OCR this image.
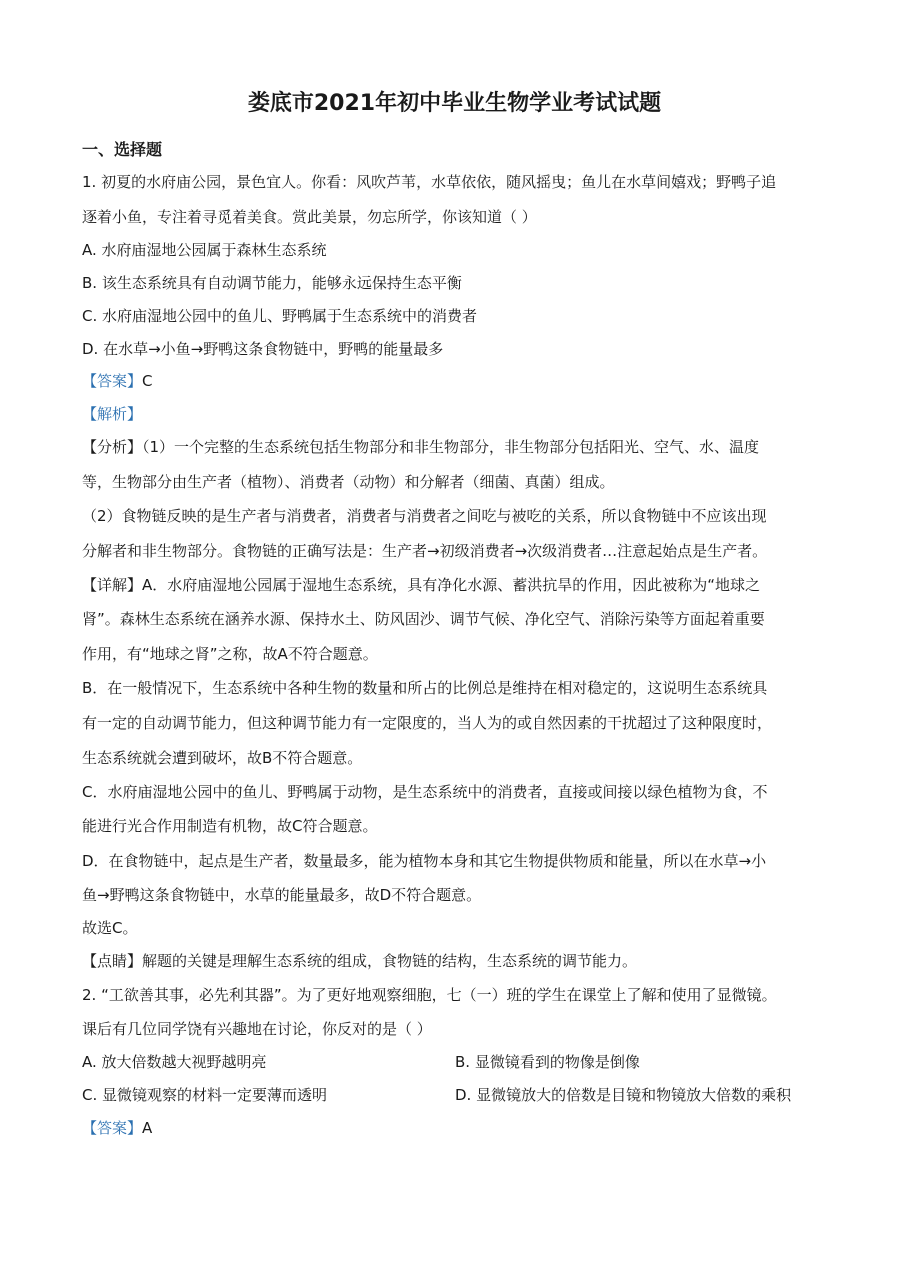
娄底市2021年初中毕业生物学业考试试题
一、选择题
1. 初夏的水府庙公园，景色宜人。你看：风吹芦苇，水草依依，随风摇曳；鱼儿在水草间嬉戏；野鸭子追
逐着小鱼，专注着寻觅着美食。赏此美景，勿忘所学，你该知道（ ）
A. 水府庙湿地公园属于森林生态系统
B. 该生态系统具有自动调节能力，能够永远保持生态平衡
C. 水府庙湿地公园中的鱼儿、野鸭属于生态系统中的消费者
D. 在水草→小鱼→野鸭这条食物链中，野鸭的能量最多
【答案】C
【解析】
【分析】（1）一个完整的生态系统包括生物部分和非生物部分，非生物部分包括阳光、空气、水、温度
等，生物部分由生产者（植物）、消费者（动物）和分解者（细菌、真菌）组成。
（2）食物链反映的是生产者与消费者，消费者与消费者之间吃与被吃的关系，所以食物链中不应该出现
分解者和非生物部分。食物链的正确写法是：生产者→初级消费者→次级消费者…注意起始点是生产者。
【详解】A．水府庙湿地公园属于湿地生态系统，具有净化水源、蓄洪抗旱的作用，因此被称为“地球之
肾”。森林生态系统在涵养水源、保持水土、防风固沙、调节气候、净化空气、消除污染等方面起着重要
作用，有“地球之肾”之称，故A不符合题意。
B．在一般情况下，生态系统中各种生物的数量和所占的比例总是维持在相对稳定的，这说明生态系统具
有一定的自动调节能力，但这种调节能力有一定限度的，当人为的或自然因素的干扰超过了这种限度时，
生态系统就会遭到破坏，故B不符合题意。
C．水府庙湿地公园中的鱼儿、野鸭属于动物，是生态系统中的消费者，直接或间接以绿色植物为食，不
能进行光合作用制造有机物，故C符合题意。
D．在食物链中，起点是生产者，数量最多，能为植物本身和其它生物提供物质和能量，所以在水草→小
鱼→野鸭这条食物链中，水草的能量最多，故D不符合题意。
故选C。
【点睛】解题的关键是理解生态系统的组成，食物链的结构，生态系统的调节能力。
2. “工欲善其事，必先利其器”。为了更好地观察细胞，七（一）班的学生在课堂上了解和使用了显微镜。
课后有几位同学饶有兴趣地在讨论，你反对的是（ ）
A. 放大倍数越大视野越明亮	B. 显微镜看到的物像是倒像
C. 显微镜观察的材料一定要薄而透明	D. 显微镜放大的倍数是目镜和物镜放大倍数的乘积
【答案】A
